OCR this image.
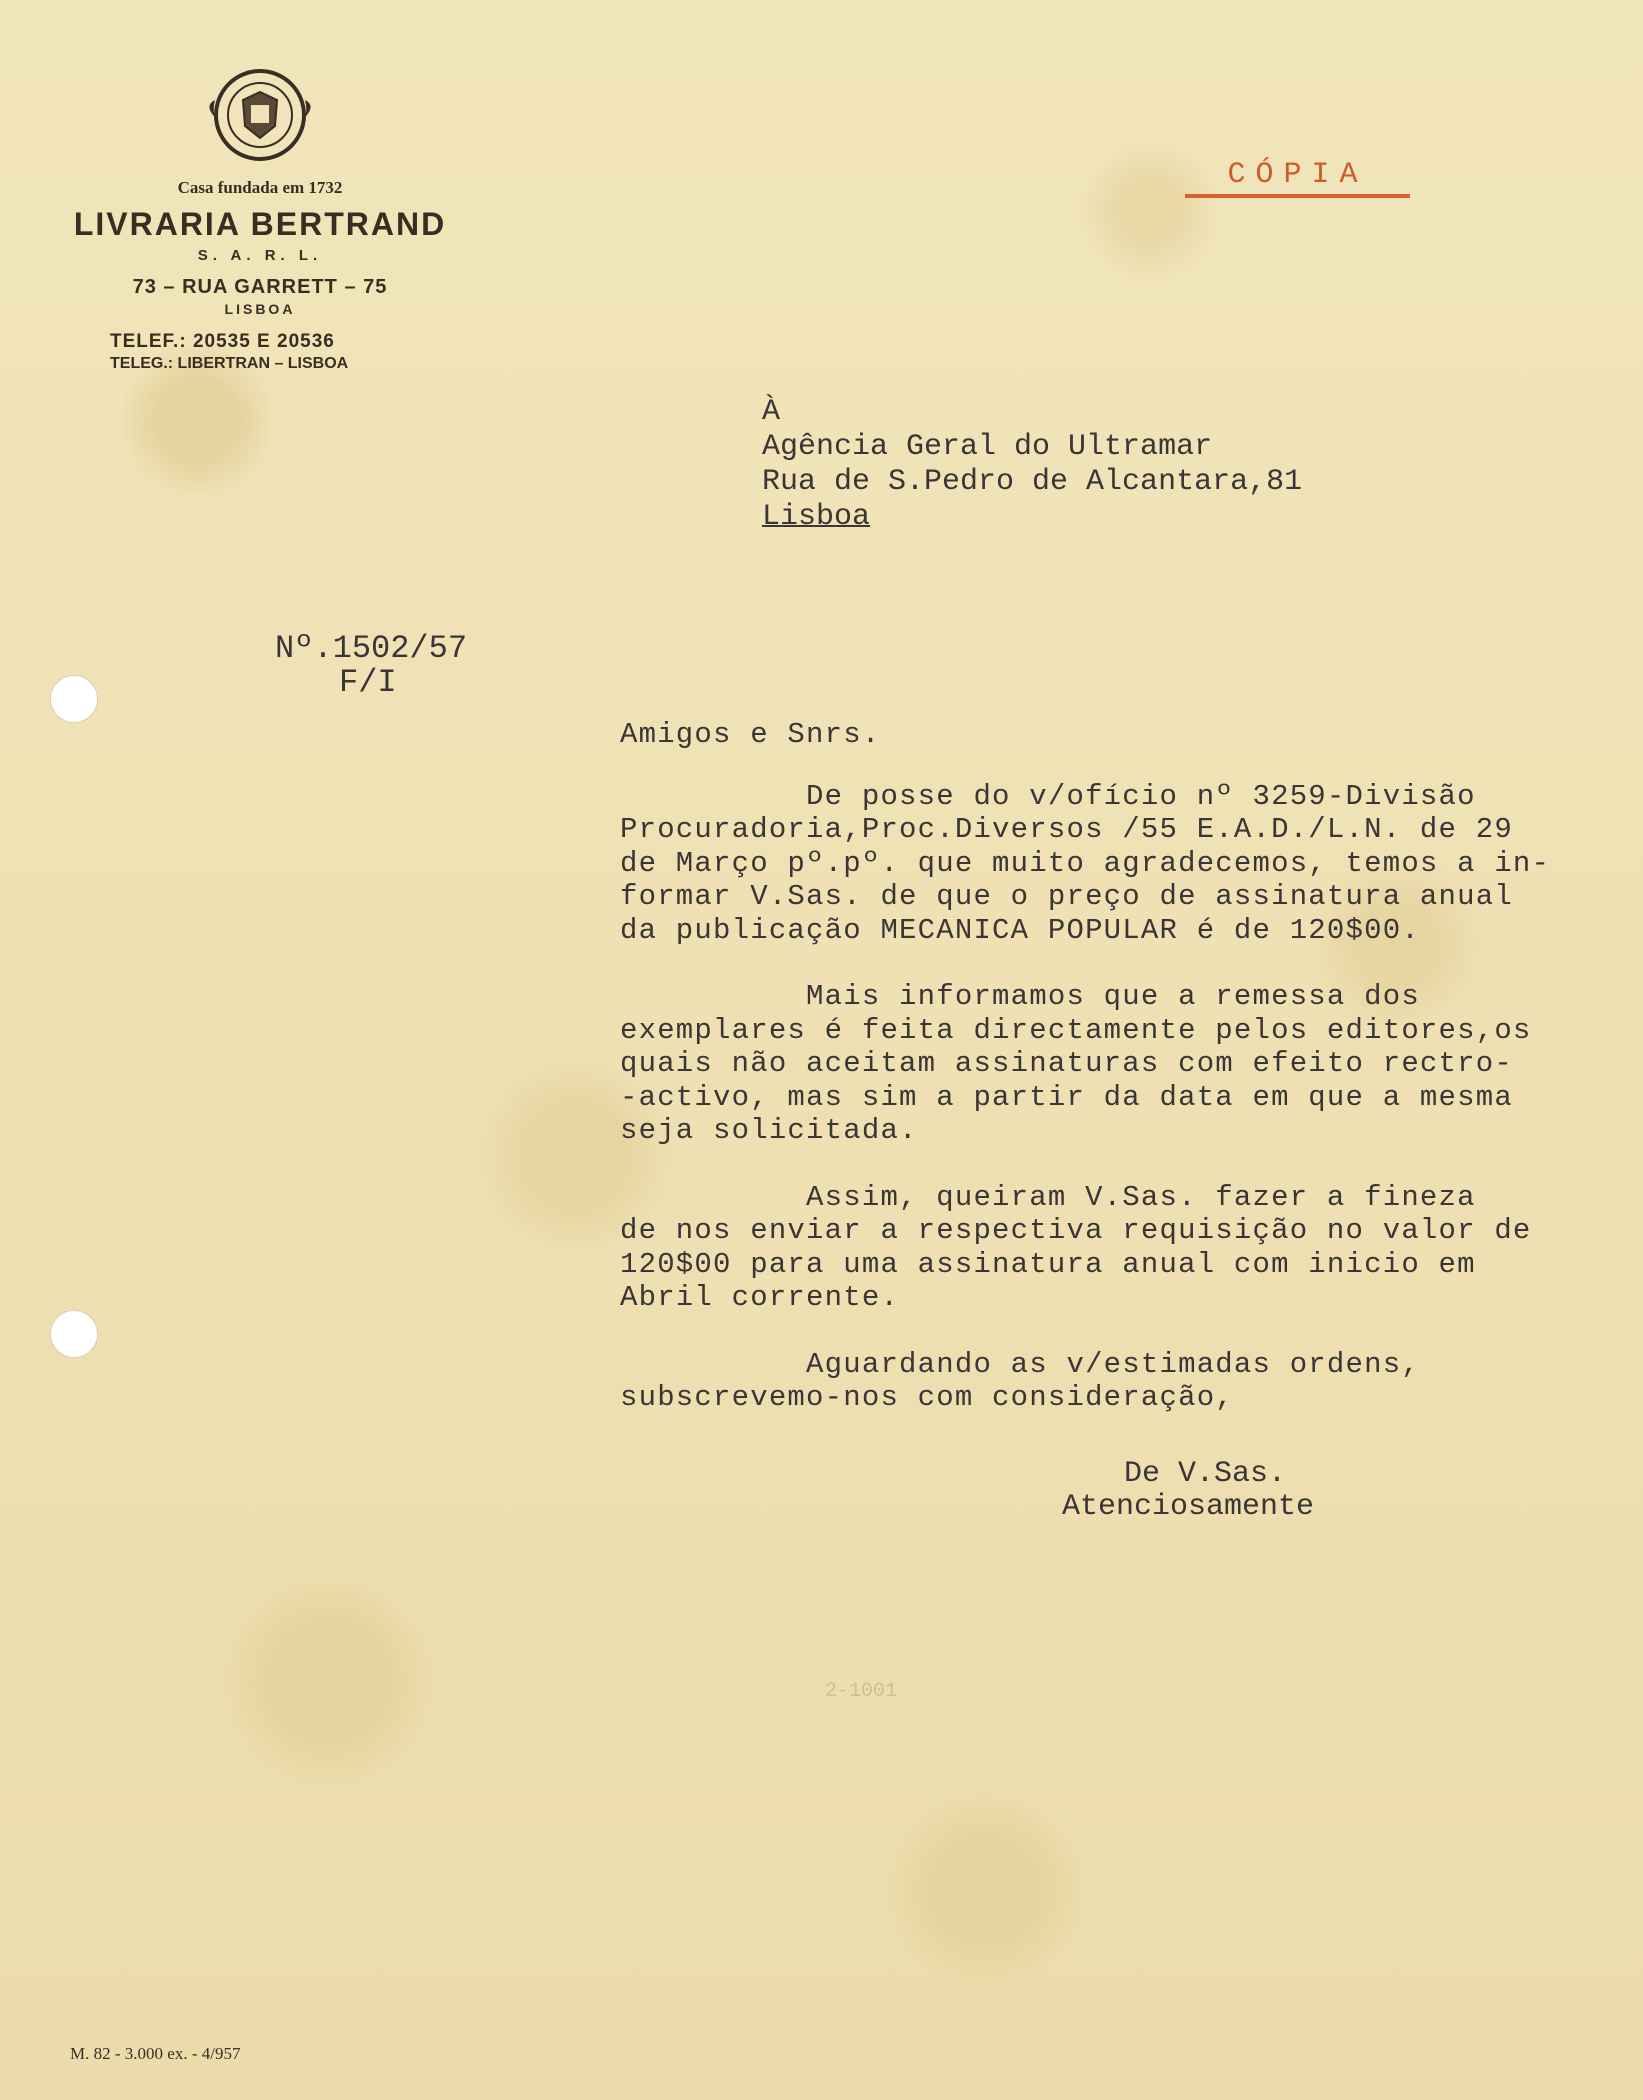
Casa fundada em 1732
LIVRARIA BERTRAND
S. A. R. L.
73 – RUA GARRETT – 75
LISBOA
TELEF.: 20535 E 20536
TELEG.: LIBERTRAN – LISBOA
CÓPIA
À
Agência Geral do Ultramar
Rua de S.Pedro de Alcantara,81
Lisboa
Nº.1502/57
F/I
Amigos e Snrs.
De posse do v/ofício nº 3259-Divisão
Procuradoria,Proc.Diversos /55 E.A.D./L.N. de 29
de Março pº.pº. que muito agradecemos, temos a in-
formar V.Sas. de que o preço de assinatura anual
da publicação MECANICA POPULAR é de 120$00.
Mais informamos que a remessa dos
exemplares é feita directamente pelos editores,os
quais não aceitam assinaturas com efeito rectro-
-activo, mas sim a partir da data em que a mesma
seja solicitada.
Assim, queiram V.Sas. fazer a fineza
de nos enviar a respectiva requisição no valor de
120$00 para uma assinatura anual com inicio em
Abril corrente.
Aguardando as v/estimadas ordens,
subscrevemo-nos com consideração,
De V.Sas.
Atenciosamente
2-1001
M. 82 - 3.000 ex. - 4/957
